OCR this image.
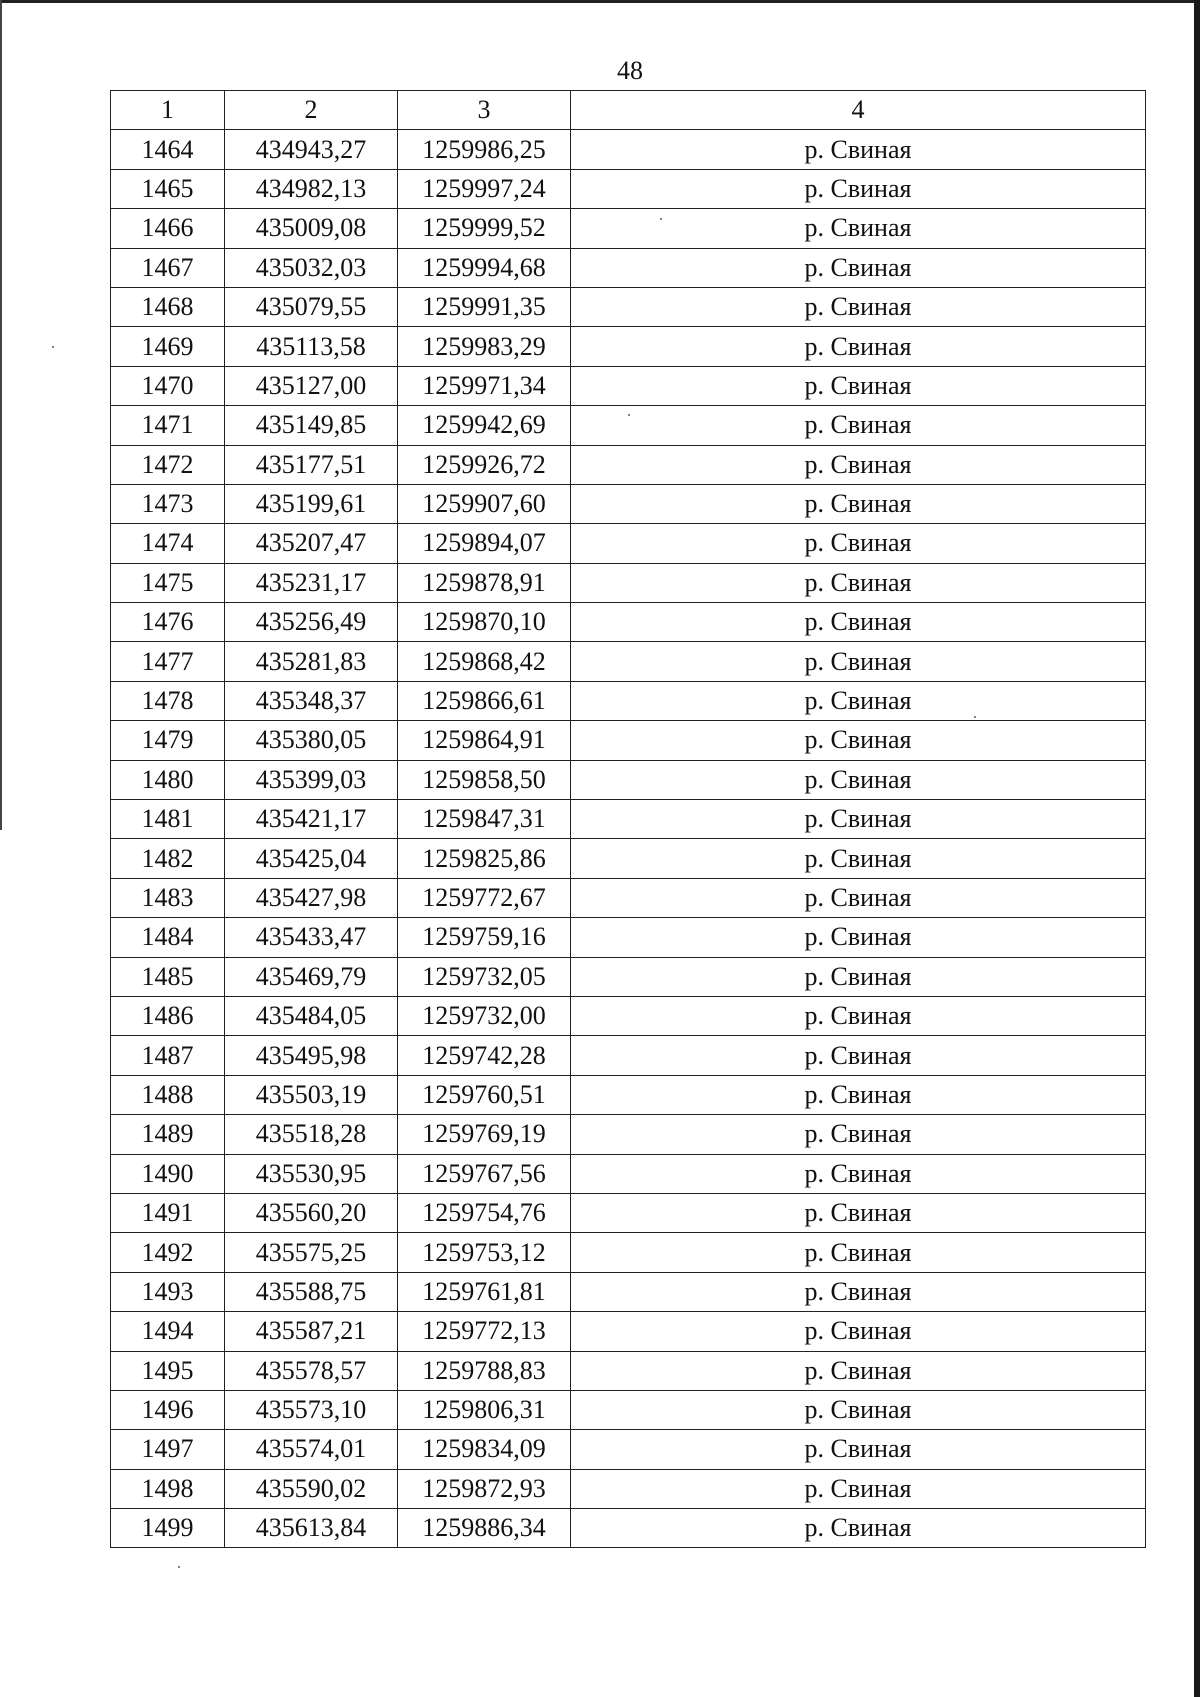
48
1	2	3	4
1464	434943,27	1259986,25	р. Свиная
1465	434982,13	1259997,24	р. Свиная
1466	435009,08	1259999,52	р. Свиная
1467	435032,03	1259994,68	р. Свиная
1468	435079,55	1259991,35	р. Свиная
1469	435113,58	1259983,29	р. Свиная
1470	435127,00	1259971,34	р. Свиная
1471	435149,85	1259942,69	р. Свиная
1472	435177,51	1259926,72	р. Свиная
1473	435199,61	1259907,60	р. Свиная
1474	435207,47	1259894,07	р. Свиная
1475	435231,17	1259878,91	р. Свиная
1476	435256,49	1259870,10	р. Свиная
1477	435281,83	1259868,42	р. Свиная
1478	435348,37	1259866,61	р. Свиная
1479	435380,05	1259864,91	р. Свиная
1480	435399,03	1259858,50	р. Свиная
1481	435421,17	1259847,31	р. Свиная
1482	435425,04	1259825,86	р. Свиная
1483	435427,98	1259772,67	р. Свиная
1484	435433,47	1259759,16	р. Свиная
1485	435469,79	1259732,05	р. Свиная
1486	435484,05	1259732,00	р. Свиная
1487	435495,98	1259742,28	р. Свиная
1488	435503,19	1259760,51	р. Свиная
1489	435518,28	1259769,19	р. Свиная
1490	435530,95	1259767,56	р. Свиная
1491	435560,20	1259754,76	р. Свиная
1492	435575,25	1259753,12	р. Свиная
1493	435588,75	1259761,81	р. Свиная
1494	435587,21	1259772,13	р. Свиная
1495	435578,57	1259788,83	р. Свиная
1496	435573,10	1259806,31	р. Свиная
1497	435574,01	1259834,09	р. Свиная
1498	435590,02	1259872,93	р. Свиная
1499	435613,84	1259886,34	р. Свиная
